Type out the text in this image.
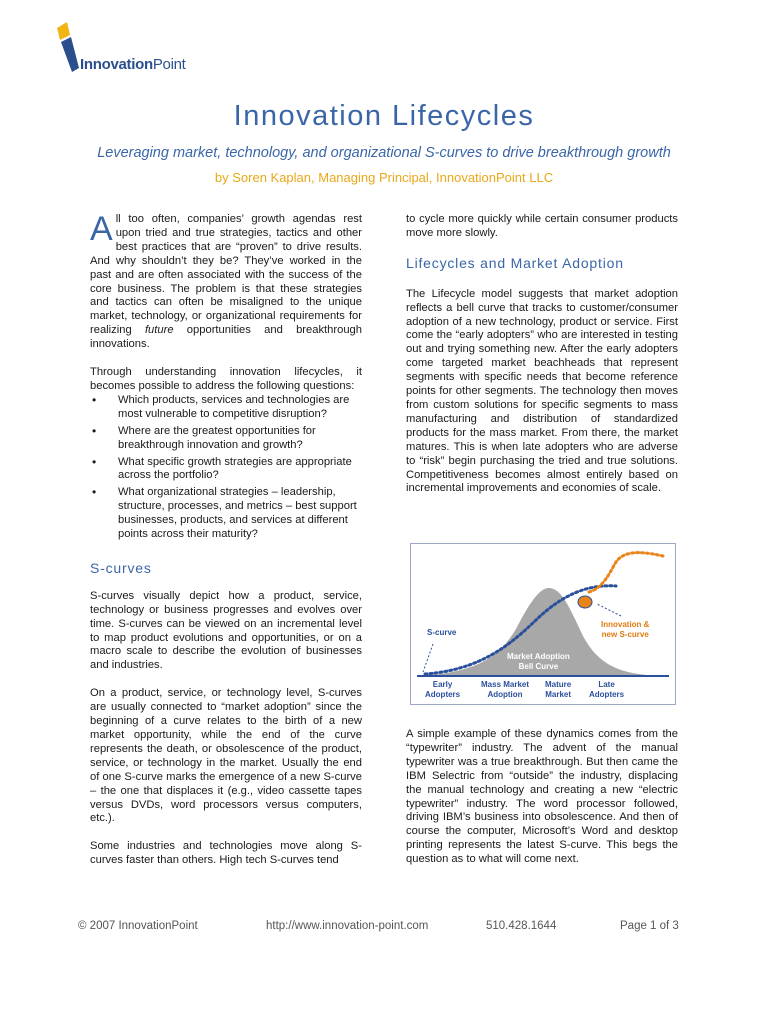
InnovationPoint
Innovation Lifecycles
Leveraging market, technology, and organizational S-curves to drive breakthrough growth
by Soren Kaplan, Managing Principal, InnovationPoint LLC

All too often, companies’ growth agendas rest upon tried and true strategies, tactics and other best practices that are “proven” to drive results. And why shouldn’t they be? They’ve worked in the past and are often associated with the success of the core business. The problem is that these strategies and tactics can often be misaligned to the unique market, technology, or organizational requirements for realizing future opportunities and breakthrough innovations.

Through understanding innovation lifecycles, it becomes possible to address the following questions:

• Which products, services and technologies are most vulnerable to competitive disruption?
• Where are the greatest opportunities for breakthrough innovation and growth?
• What specific growth strategies are appropriate across the portfolio?
• What organizational strategies – leadership, structure, processes, and metrics – best support businesses, products, and services at different points across their maturity?
S-curves

S-curves visually depict how a product, service, technology or business progresses and evolves over time. S-curves can be viewed on an incremental level to map product evolutions and opportunities, or on a macro scale to describe the evolution of businesses and industries.

On a product, service, or technology level, S-curves are usually connected to “market adoption” since the beginning of a curve relates to the birth of a new market opportunity, while the end of the curve represents the death, or obsolescence of the product, service, or technology in the market. Usually the end of one S-curve marks the emergence of a new S-curve – the one that displaces it (e.g., video cassette tapes versus DVDs, word processors versus computers, etc.).

Some industries and technologies move along S-curves faster than others. High tech S-curves tend

to cycle more quickly while certain consumer products move more slowly.

Lifecycles and Market Adoption

The Lifecycle model suggests that market adoption reflects a bell curve that tracks to customer/consumer adoption of a new technology, product or service. First come the “early adopters” who are interested in testing out and trying something new. After the early adopters come targeted market beachheads that represent segments with specific needs that become reference points for other segments. The technology then moves from custom solutions for specific segments to mass manufacturing and distribution of standardized products for the mass market. From there, the market matures. This is when late adopters who are adverse to “risk” begin purchasing the tried and true solutions. Competitiveness becomes almost entirely based on incremental improvements and economies of scale.

S-curve
Innovation &
new S-curve
Market Adoption
Bell Curve
Early
Adopters
Mass Market
Adoption
Mature
Market
Late
Adopters

A simple example of these dynamics comes from the “typewriter” industry. The advent of the manual typewriter was a true breakthrough. But then came the IBM Selectric from “outside” the industry, displacing the manual technology and creating a new “electric typewriter” industry. The word processor followed, driving IBM’s business into obsolescence. And then of course the computer, Microsoft’s Word and desktop printing represents the latest S-curve. This begs the question as to what will come next.

© 2007 InnovationPoint	http://www.innovation-point.com	510.428.1644	Page 1 of 3
